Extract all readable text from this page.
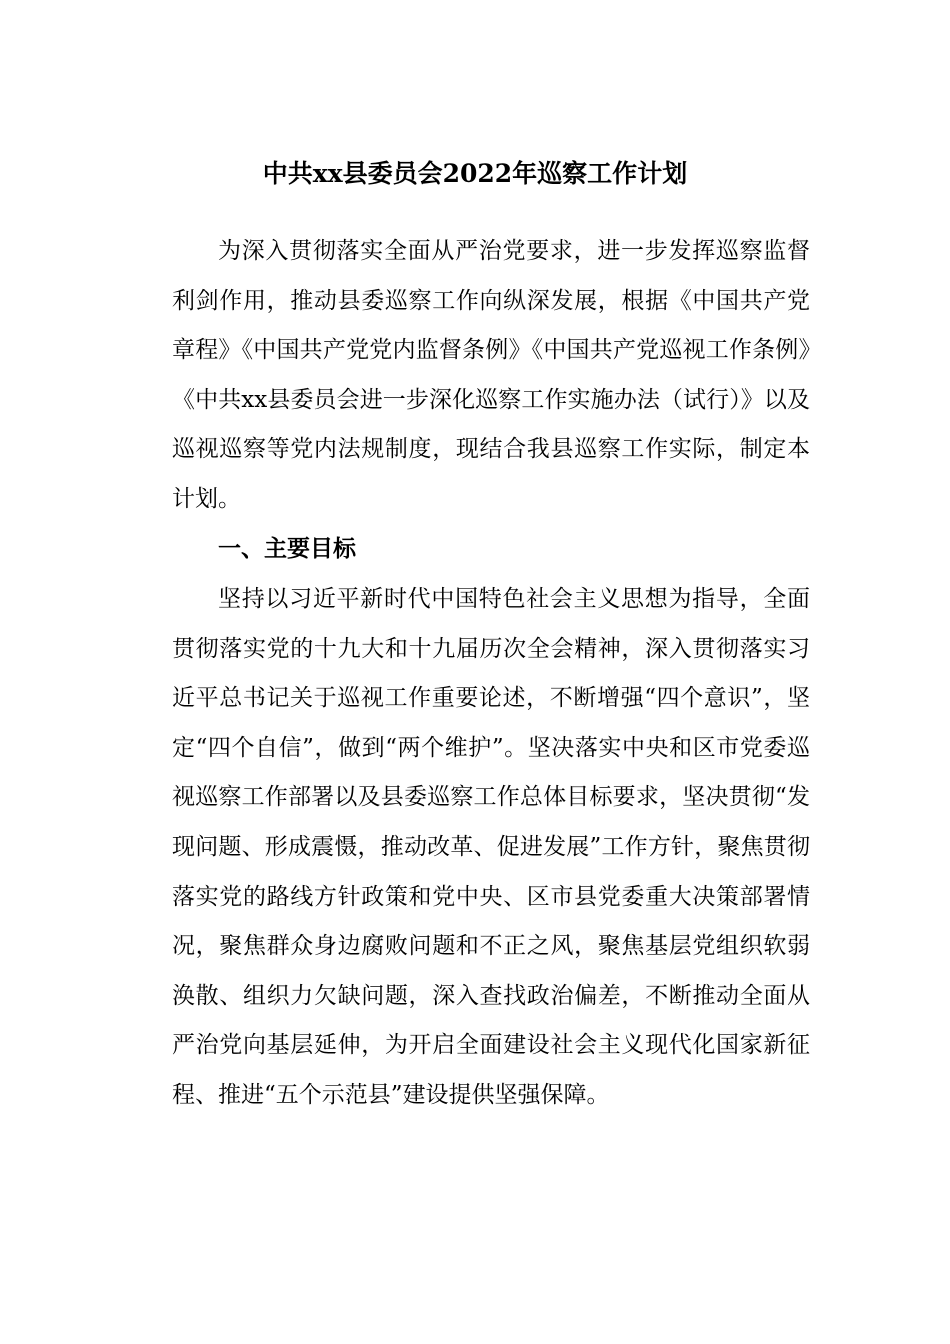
中共xx县委员会2022年巡察工作计划

为深入贯彻落实全面从严治党要求，进一步发挥巡察监督利剑作用，推动县委巡察工作向纵深发展，根据《中国共产党章程》《中国共产党党内监督条例》《中国共产党巡视工作条例》《中共xx县委员会进一步深化巡察工作实施办法（试行）》以及巡视巡察等党内法规制度，现结合我县巡察工作实际，制定本计划。

一、主要目标

坚持以习近平新时代中国特色社会主义思想为指导，全面贯彻落实党的十九大和十九届历次全会精神，深入贯彻落实习近平总书记关于巡视工作重要论述，不断增强“四个意识”，坚定“四个自信”，做到“两个维护”。坚决落实中央和区市党委巡视巡察工作部署以及县委巡察工作总体目标要求，坚决贯彻“发现问题、形成震慑，推动改革、促进发展”工作方针，聚焦贯彻落实党的路线方针政策和党中央、区市县党委重大决策部署情况，聚焦群众身边腐败问题和不正之风，聚焦基层党组织软弱涣散、组织力欠缺问题，深入查找政治偏差，不断推动全面从严治党向基层延伸，为开启全面建设社会主义现代化国家新征程、推进“五个示范县”建设提供坚强保障。
